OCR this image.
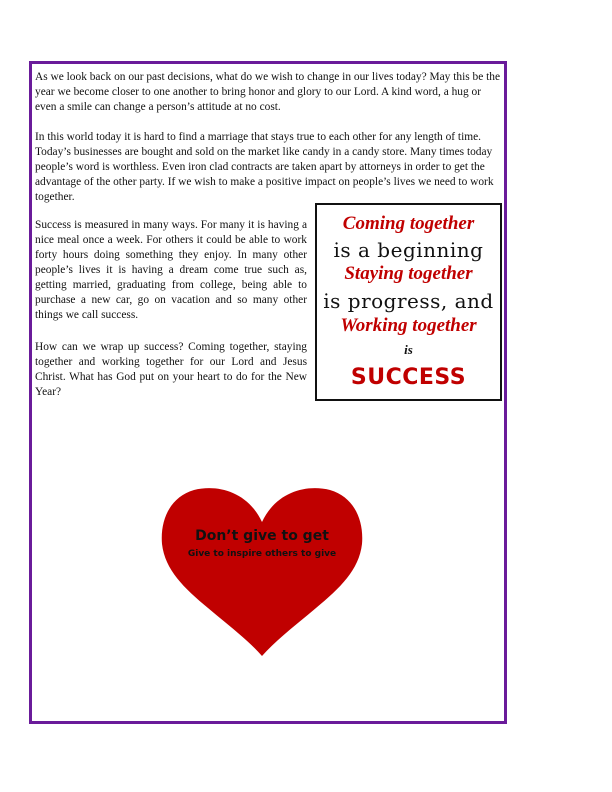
As we look back on our past decisions, what do we wish to change in our lives today? May this be the year we become closer to one another to bring honor and glory to our Lord. A kind word, a hug or even a smile can change a person’s attitude at no cost.

In this world today it is hard to find a marriage that stays true to each other for any length of time. Today’s businesses are bought and sold on the market like candy in a candy store. Many times today people’s word is worthless. Even iron clad contracts are taken apart by attorneys in order to get the advantage of the other party. If we wish to make a positive impact on people’s lives we need to work together.

Success is measured in many ways. For many it is having a nice meal once a week. For others it could be able to work forty hours doing something they enjoy. In many other people’s lives it is having a dream come true such as, getting married, graduating from college, being able to purchase a new car, go on vacation and so many other things we call success.

How can we wrap up success? Coming together, staying together and working together for our Lord and Jesus Christ. What has God put on your heart to do for the New Year?

Coming together
is a beginning
Staying together
is progress, and
Working together
is
SUCCESS
Don’t give to get
Give to inspire others to give
